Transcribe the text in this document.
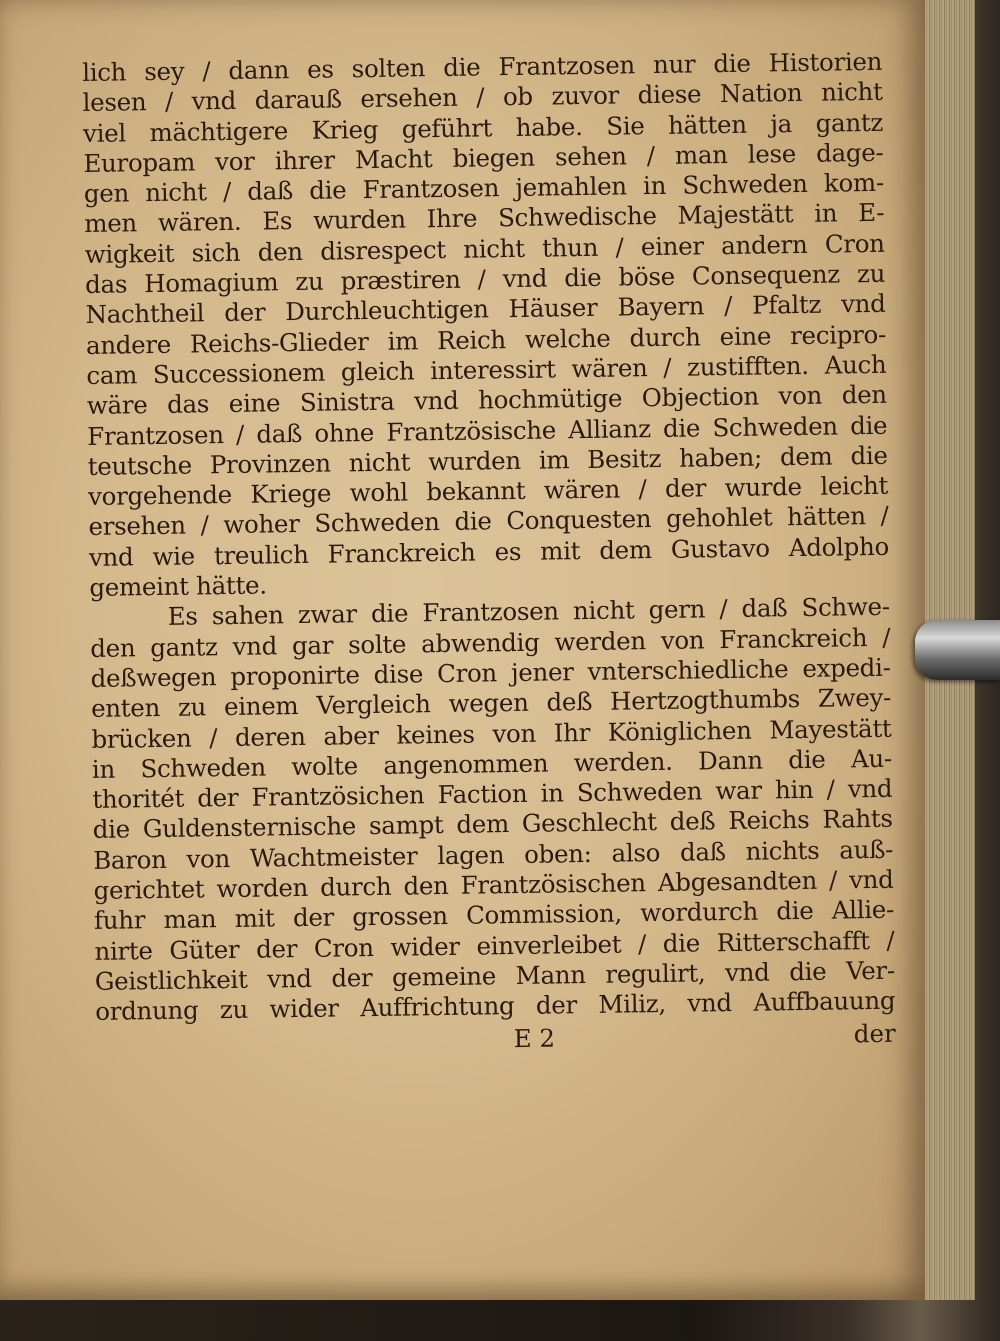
lich sey / dann es solten die Frantzosen nur die Historien
lesen / vnd darauß ersehen / ob zuvor diese Nation nicht
viel mächtigere Krieg geführt habe. Sie hätten ja gantz
Europam vor ihrer Macht biegen sehen / man lese dage-
gen nicht / daß die Frantzosen jemahlen in Schweden kom-
men wären. Es wurden Ihre Schwedische Majestätt in E-
wigkeit sich den disrespect nicht thun / einer andern Cron
das Homagium zu præstiren / vnd die böse Consequenz zu
Nachtheil der Durchleuchtigen Häuser Bayern / Pfaltz vnd
andere Reichs-Glieder im Reich welche durch eine recipro-
cam Successionem gleich interessirt wären / zustifften. Auch
wäre das eine Sinistra vnd hochmütige Objection von den
Frantzosen / daß ohne Frantzösische Allianz die Schweden die
teutsche Provinzen nicht wurden im Besitz haben; dem die
vorgehende Kriege wohl bekannt wären / der wurde leicht
ersehen / woher Schweden die Conquesten gehohlet hätten /
vnd wie treulich Franckreich es mit dem Gustavo Adolpho
gemeint hätte.
Es sahen zwar die Frantzosen nicht gern / daß Schwe-
den gantz vnd gar solte abwendig werden von Franckreich /
deßwegen proponirte dise Cron jener vnterschiedliche expedi-
enten zu einem Vergleich wegen deß Hertzogthumbs Zwey-
brücken / deren aber keines von Ihr Königlichen Mayestätt
in Schweden wolte angenommen werden. Dann die Au-
thoritét der Frantzösichen Faction in Schweden war hin / vnd
die Guldensternische sampt dem Geschlecht deß Reichs Rahts
Baron von Wachtmeister lagen oben: also daß nichts auß-
gerichtet worden durch den Frantzösischen Abgesandten / vnd
fuhr man mit der grossen Commission, wordurch die Allie-
nirte Güter der Cron wider einverleibet / die Ritterschafft /
Geistlichkeit vnd der gemeine Mann regulirt, vnd die Ver-
ordnung zu wider Auffrichtung der Miliz, vnd Auffbauung
E 2	der
